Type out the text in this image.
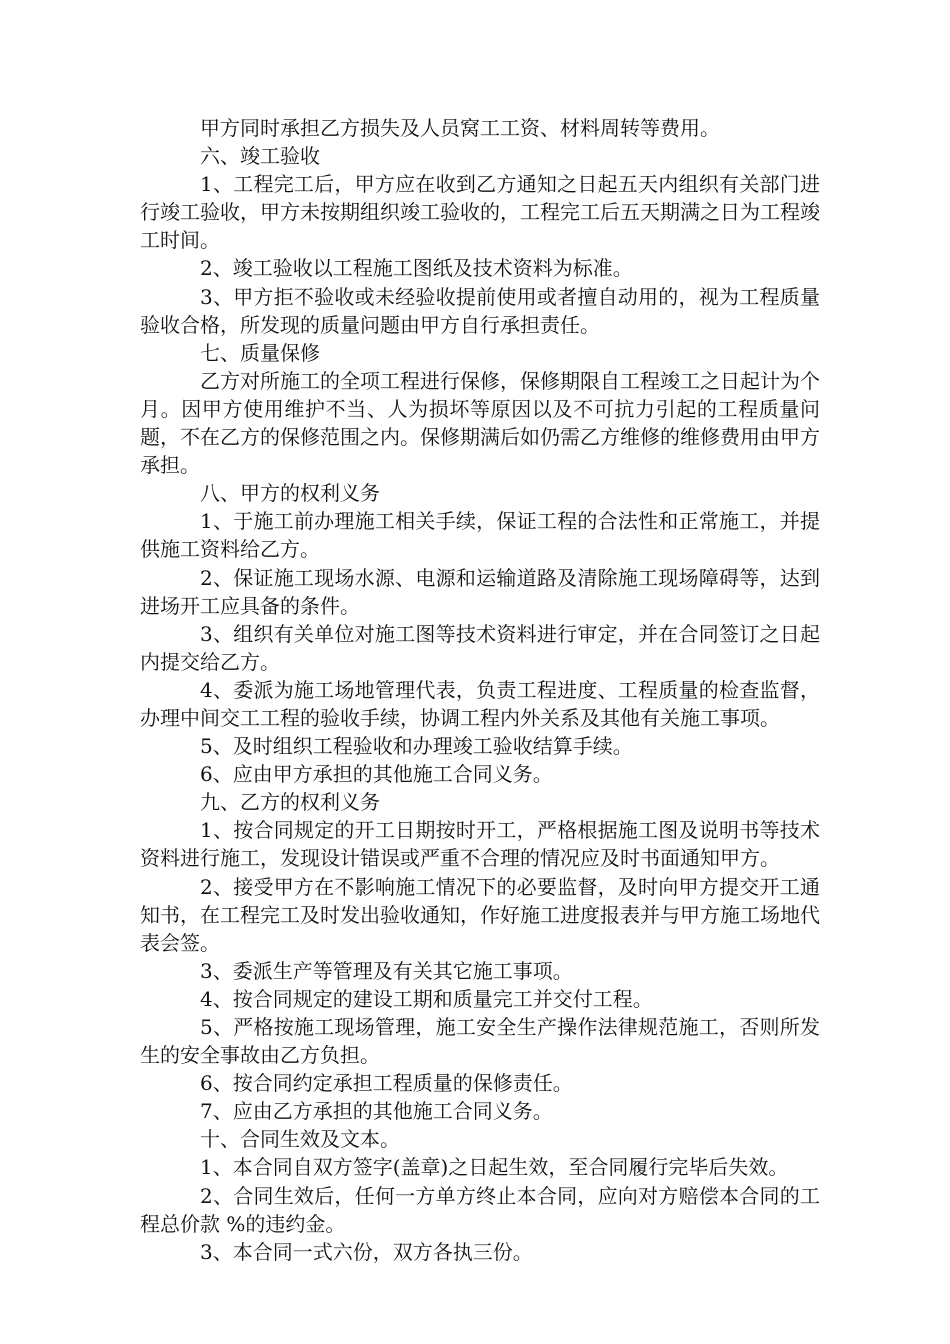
甲方同时承担乙方损失及人员窝工工资、材料周转等费用。

六、竣工验收

1、工程完工后，甲方应在收到乙方通知之日起五天内组织有关部门进行竣工验收，甲方未按期组织竣工验收的，工程完工后五天期满之日为工程竣工时间。

2、竣工验收以工程施工图纸及技术资料为标准。

3、甲方拒不验收或未经验收提前使用或者擅自动用的，视为工程质量验收合格，所发现的质量问题由甲方自行承担责任。

七、质量保修

乙方对所施工的全项工程进行保修，保修期限自工程竣工之日起计为个月。因甲方使用维护不当、人为损坏等原因以及不可抗力引起的工程质量问题，不在乙方的保修范围之内。保修期满后如仍需乙方维修的维修费用由甲方承担。

八、甲方的权利义务

1、于施工前办理施工相关手续，保证工程的合法性和正常施工，并提供施工资料给乙方。

2、保证施工现场水源、电源和运输道路及清除施工现场障碍等，达到进场开工应具备的条件。

3、组织有关单位对施工图等技术资料进行审定，并在合同签订之日起内提交给乙方。

4、委派为施工场地管理代表，负责工程进度、工程质量的检查监督，办理中间交工工程的验收手续，协调工程内外关系及其他有关施工事项。

5、及时组织工程验收和办理竣工验收结算手续。

6、应由甲方承担的其他施工合同义务。

九、乙方的权利义务

1、按合同规定的开工日期按时开工，严格根据施工图及说明书等技术资料进行施工，发现设计错误或严重不合理的情况应及时书面通知甲方。

2、接受甲方在不影响施工情况下的必要监督，及时向甲方提交开工通知书，在工程完工及时发出验收通知，作好施工进度报表并与甲方施工场地代表会签。

3、委派生产等管理及有关其它施工事项。

4、按合同规定的建设工期和质量完工并交付工程。

5、严格按施工现场管理，施工安全生产操作法律规范施工，否则所发生的安全事故由乙方负担。

6、按合同约定承担工程质量的保修责任。

7、应由乙方承担的其他施工合同义务。

十、合同生效及文本。

1、本合同自双方签字(盖章)之日起生效，至合同履行完毕后失效。

2、合同生效后，任何一方单方终止本合同，应向对方赔偿本合同的工程总价款 %的违约金。

3、本合同一式六份，双方各执三份。
